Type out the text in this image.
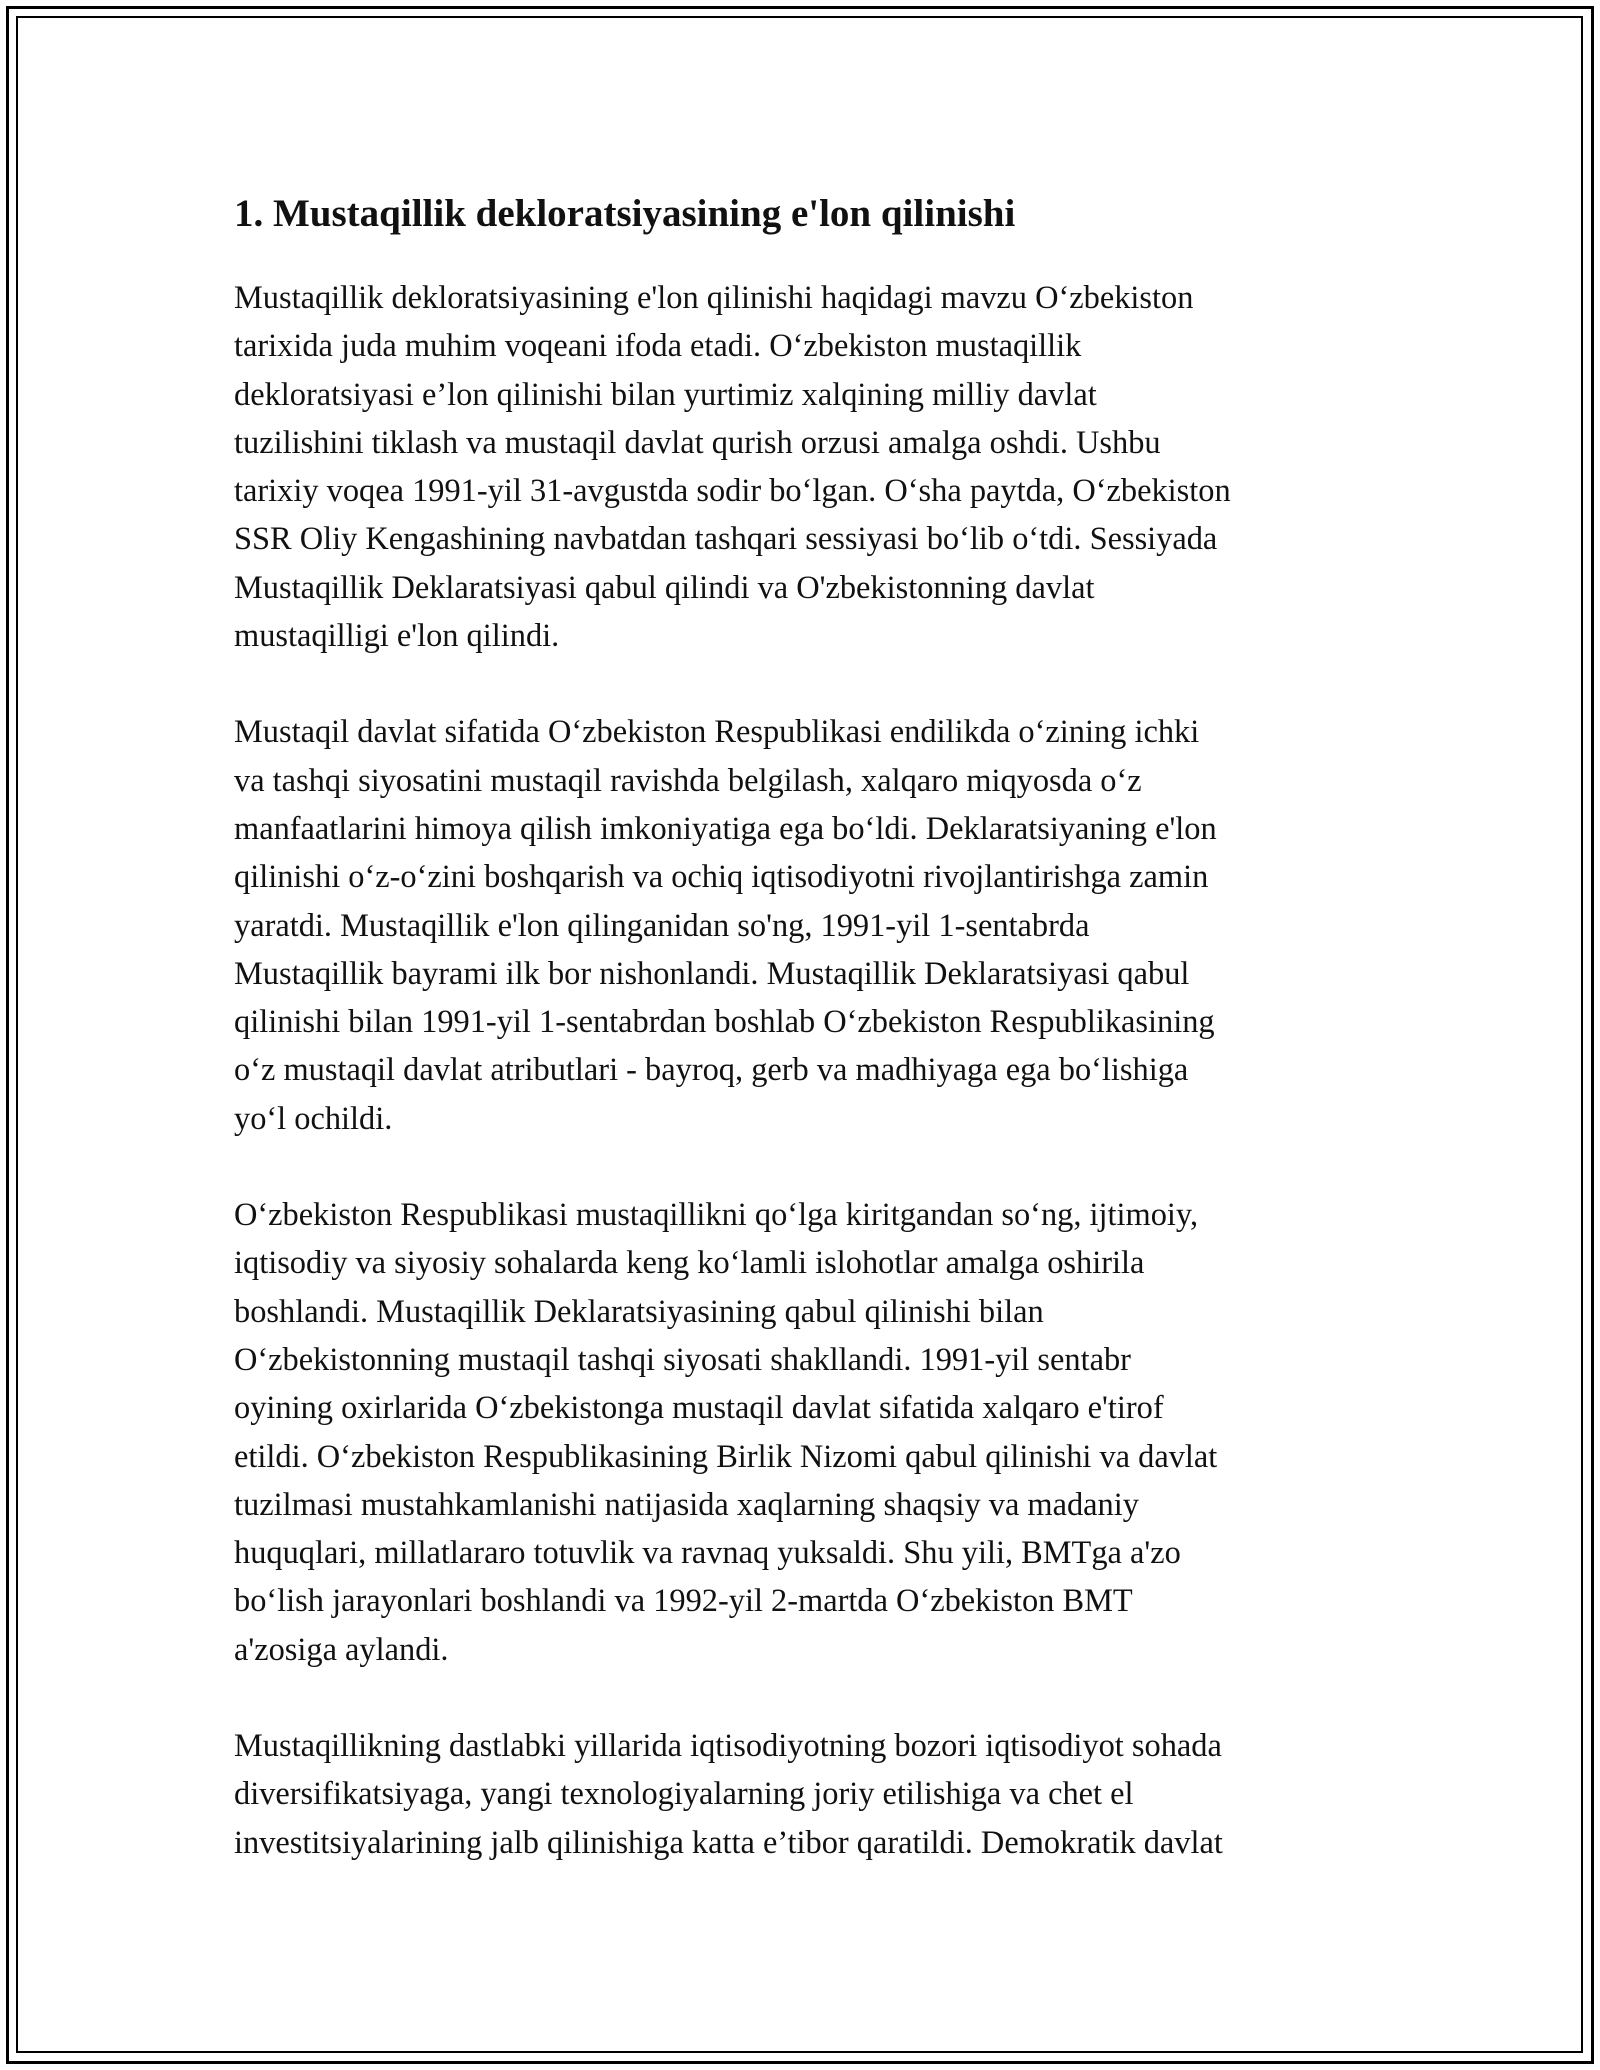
1. Mustaqillik dekloratsiyasining e'lon qilinishi

Mustaqillik dekloratsiyasining e'lon qilinishi haqidagi mavzu O‘zbekiston
tarixida juda muhim voqeani ifoda etadi. O‘zbekiston mustaqillik
dekloratsiyasi e’lon qilinishi bilan yurtimiz xalqining milliy davlat
tuzilishini tiklash va mustaqil davlat qurish orzusi amalga oshdi. Ushbu
tarixiy voqea 1991-yil 31-avgustda sodir bo‘lgan. O‘sha paytda, O‘zbekiston
SSR Oliy Kengashining navbatdan tashqari sessiyasi bo‘lib o‘tdi. Sessiyada
Mustaqillik Deklaratsiyasi qabul qilindi va O'zbekistonning davlat
mustaqilligi e'lon qilindi.

Mustaqil davlat sifatida O‘zbekiston Respublikasi endilikda o‘zining ichki
va tashqi siyosatini mustaqil ravishda belgilash, xalqaro miqyosda o‘z
manfaatlarini himoya qilish imkoniyatiga ega bo‘ldi. Deklaratsiyaning e'lon
qilinishi o‘z-o‘zini boshqarish va ochiq iqtisodiyotni rivojlantirishga zamin
yaratdi. Mustaqillik e'lon qilinganidan so'ng, 1991-yil 1-sentabrda
Mustaqillik bayrami ilk bor nishonlandi. Mustaqillik Deklaratsiyasi qabul
qilinishi bilan 1991-yil 1-sentabrdan boshlab O‘zbekiston Respublikasining
o‘z mustaqil davlat atributlari - bayroq, gerb va madhiyaga ega bo‘lishiga
yo‘l ochildi.

O‘zbekiston Respublikasi mustaqillikni qo‘lga kiritgandan so‘ng, ijtimoiy,
iqtisodiy va siyosiy sohalarda keng ko‘lamli islohotlar amalga oshirila
boshlandi. Mustaqillik Deklaratsiyasining qabul qilinishi bilan
O‘zbekistonning mustaqil tashqi siyosati shakllandi. 1991-yil sentabr
oyining oxirlarida O‘zbekistonga mustaqil davlat sifatida xalqaro e'tirof
etildi. O‘zbekiston Respublikasining Birlik Nizomi qabul qilinishi va davlat
tuzilmasi mustahkamlanishi natijasida xaqlarning shaqsiy va madaniy
huquqlari, millatlararo totuvlik va ravnaq yuksaldi. Shu yili, BMTga a'zo
bo‘lish jarayonlari boshlandi va 1992-yil 2-martda O‘zbekiston BMT
a'zosiga aylandi.

Mustaqillikning dastlabki yillarida iqtisodiyotning bozori iqtisodiyot sohada
diversifikatsiyaga, yangi texnologiyalarning joriy etilishiga va chet el
investitsiyalarining jalb qilinishiga katta e’tibor qaratildi. Demokratik davlat
